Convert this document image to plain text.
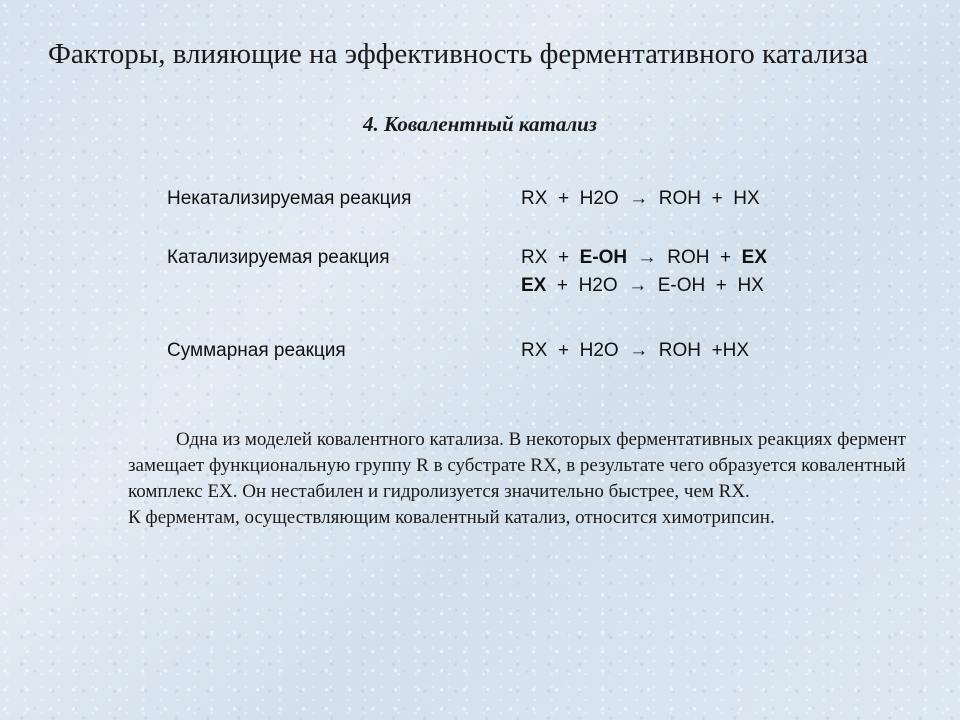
Факторы, влияющие на эффективность ферментативного катализа
4. Ковалентный катализ
Некатализируемая реакция	RX  +  H2O  →  ROH  +  HX
Катализируемая реакция	RX  +  E-OH  →  ROH  +  EX
EX  +  H2O  →  E-OH  +  HX
Суммарная реакция	RX  +  H2O  →  ROH  +HX

Одна из моделей ковалентного катализа. В некоторых ферментативных реакциях фермент замещает функциональную группу R в субстрате RX, в результате чего образуется ковалентный комплекс EX. Он нестабилен и гидролизуется значительно быстрее, чем RX.

К ферментам, осуществляющим ковалентный катализ, относится химотрипсин.
